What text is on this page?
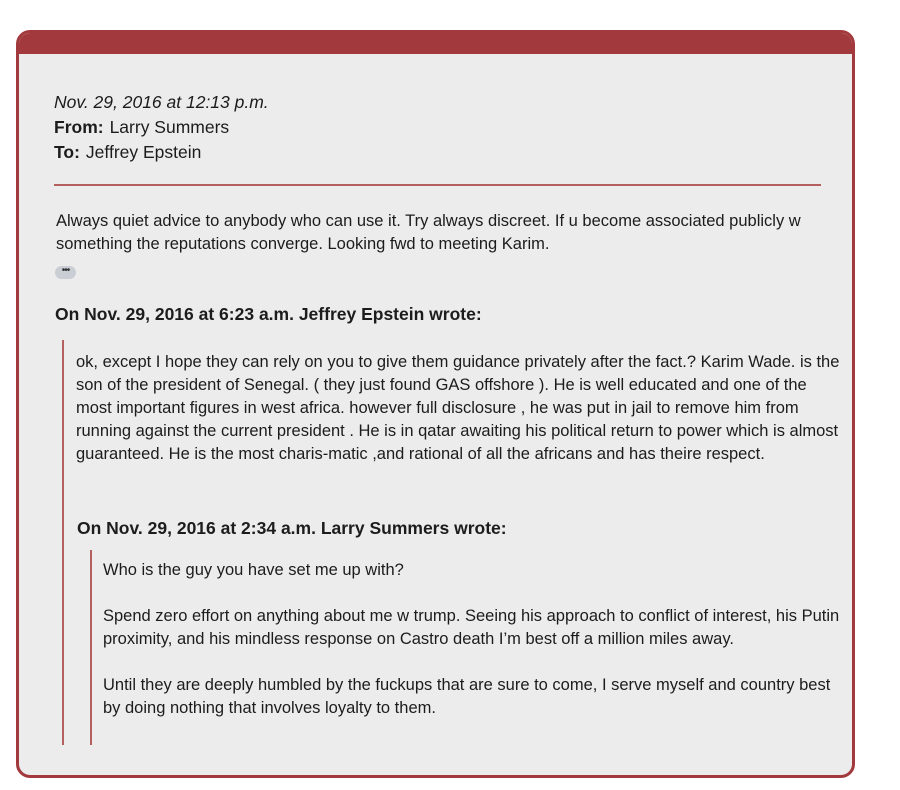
Nov. 29, 2016 at 12:13 p.m.
From: Larry Summers
To: Jeffrey Epstein

Always quiet advice to anybody who can use it. Try always discreet. If u become associated publicly w something the reputations converge. Looking fwd to meeting Karim.

•••

On Nov. 29, 2016 at 6:23 a.m. Jeffrey Epstein wrote:

ok, except I hope they can rely on you to give them guidance privately after the fact.? Karim Wade. is the son of the president of Senegal. ( they just found GAS offshore ). He is well educated and one of the most important figures in west africa. however full disclosure , he was put in jail to remove him from running against the current president . He is in qatar awaiting his political return to power which is almost guaranteed. He is the most charis-matic ,and rational of all the africans and has theire respect.

On Nov. 29, 2016 at 2:34 a.m. Larry Summers wrote:

Who is the guy you have set me up with?

Spend zero effort on anything about me w trump. Seeing his approach to conflict of interest, his Putin proximity, and his mindless response on Castro death I’m best off a million miles away.

Until they are deeply humbled by the fuckups that are sure to come, I serve myself and country best by doing nothing that involves loyalty to them.
